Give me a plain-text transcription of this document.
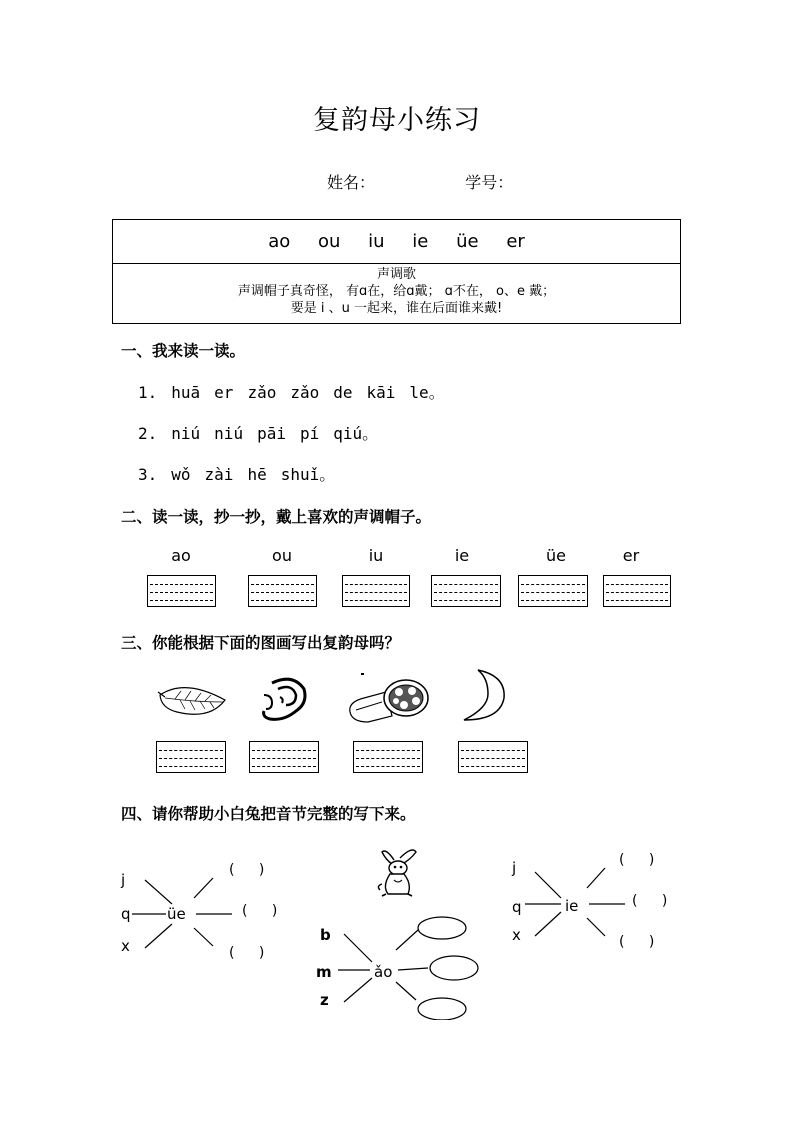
复韵母小练习
姓名：	学号：
ao ou iu ie üe er
声调歌
声调帽子真奇怪， 有ɑ在，给ɑ戴； ɑ不在， o、e 戴；
要是 i 、u 一起来，谁在后面谁来戴!
一、我来读一读。
1. huā er zǎo zǎo de kāi le。
2. niú niú pāi pí qiú。
3. wǒ zài hē shuǐ。
二、读一读，抄一抄，戴上喜欢的声调帽子。
ao	ou	iu	ie	üe	er
三、你能根据下面的图画写出复韵母吗？
四、请你帮助小白兔把音节完整的写下来。
j
q
x
üe
( )
( )
( )
b
m
z
ǎo
j
q
x
ie
( )
( )
( )
